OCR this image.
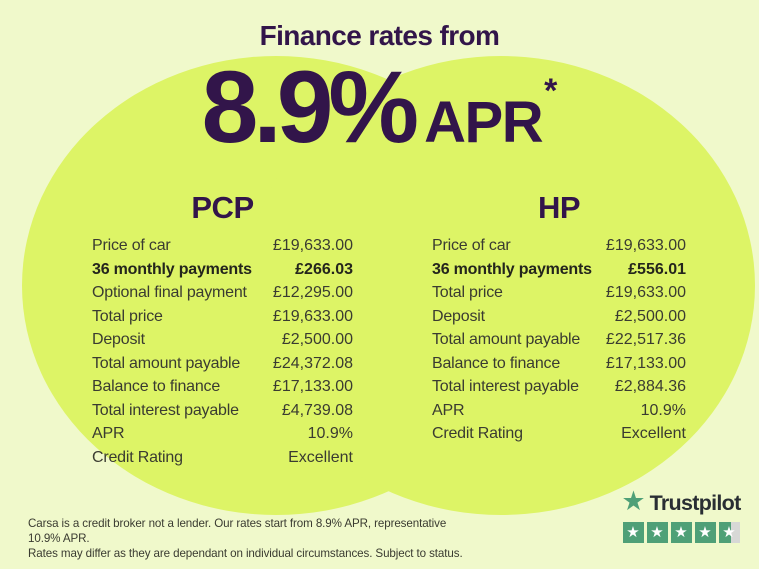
Finance rates from
8.9% APR *
PCP
Price of car	£19,633.00
36 monthly payments	£266.03
Optional final payment £12,295.00
Total price	£19,633.00
Deposit	£2,500.00
Total amount payable £24,372.08
Balance to finance	£17,133.00
Total interest payable	£4,739.08
APR	10.9%
Credit Rating	Excellent
HP
Price of car	£19,633.00
36 monthly payments £556.01
Total price	£19,633.00
Deposit	£2,500.00
Total amount payable £22,517.36
Balance to finance	£17,133.00
Total interest payable £2,884.36
APR	10.9%
Credit Rating	Excellent
Carsa is a credit broker not a lender. Our rates start from 8.9% APR, representative 10.9% APR.
Rates may differ as they are dependant on individual circumstances. Subject to status.
★ Trustpilot
★ ★ ★ ★ ★
